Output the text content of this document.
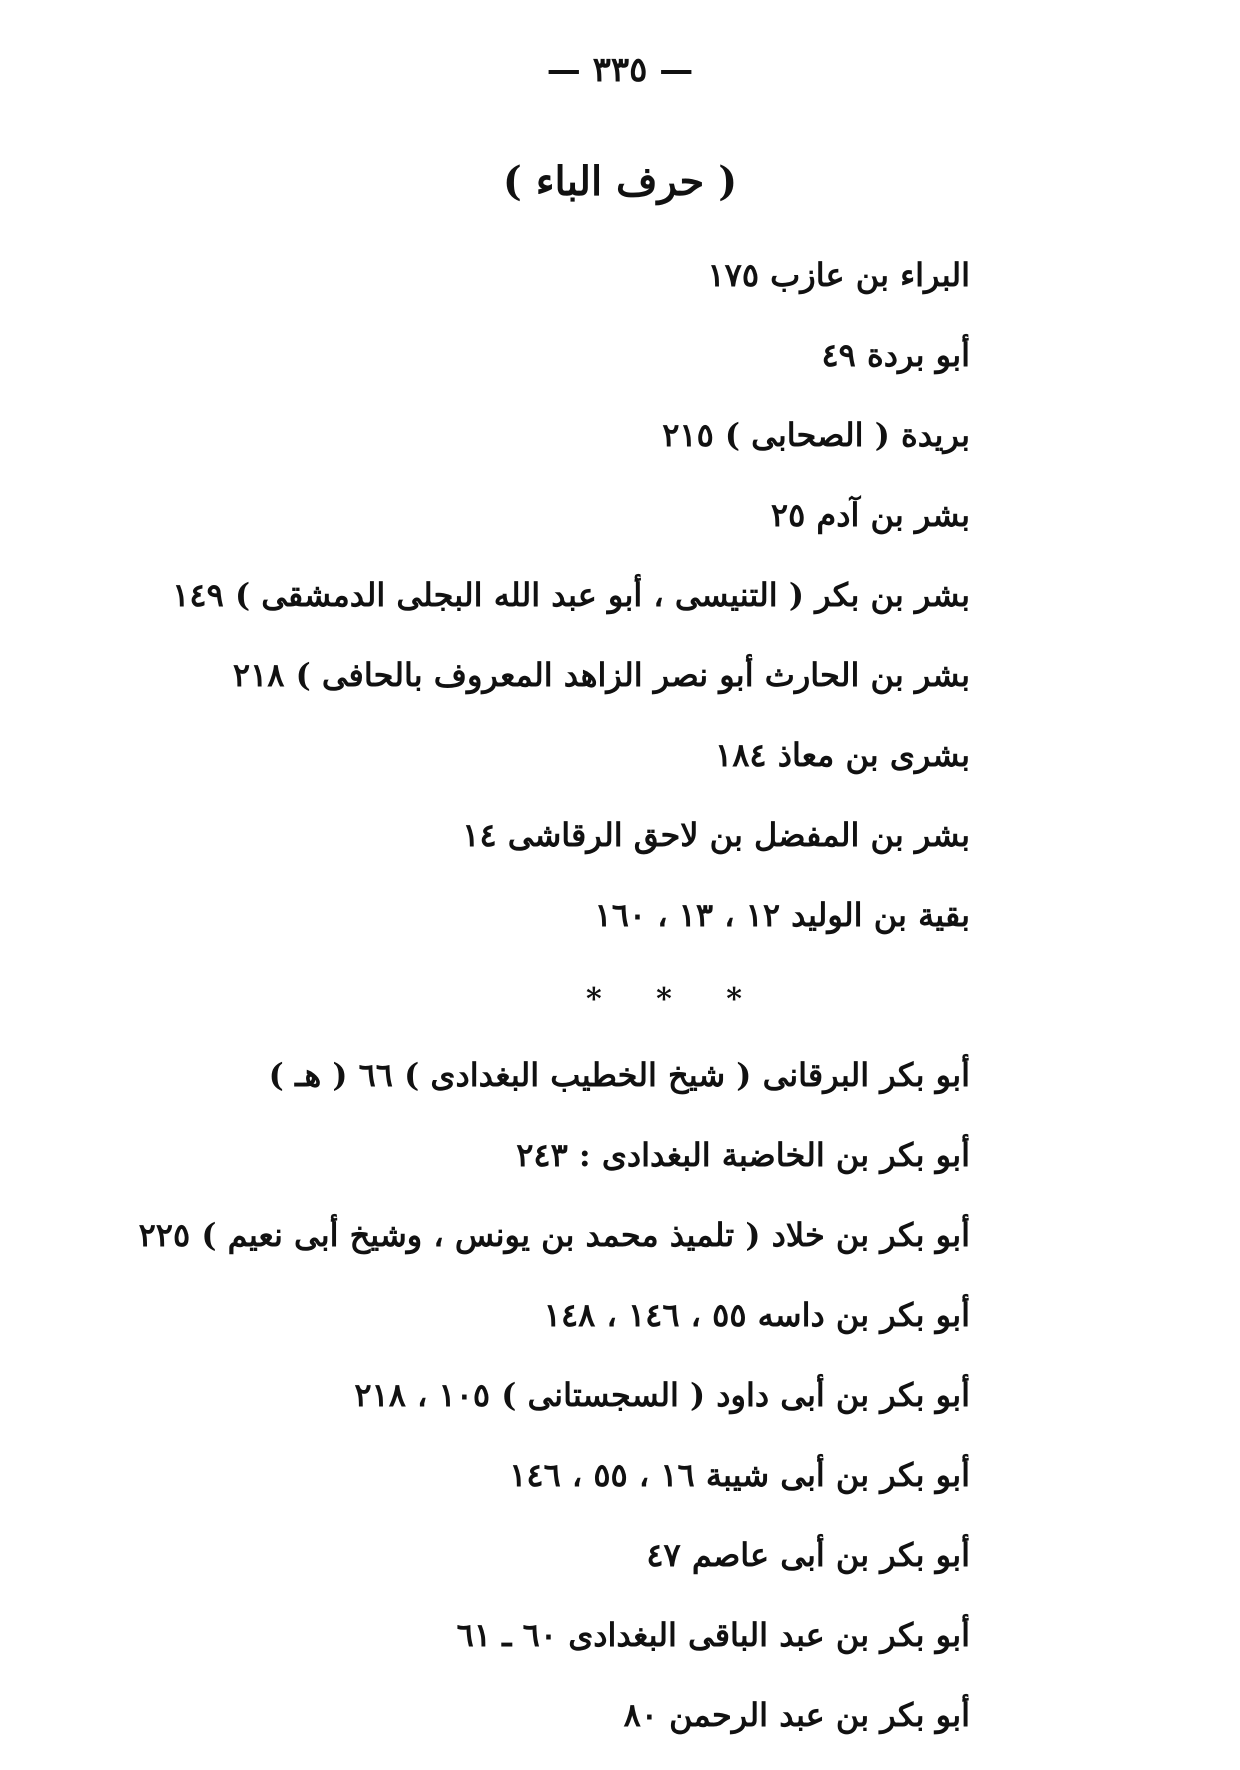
— ٣٣٥ —
( حرف الباء )
البراء بن عازب ١٧٥
أبو بردة ٤٩
بريدة ( الصحابى ) ٢١٥
بشر بن آدم ٢٥
بشر بن بكر ( التنيسى ، أبو عبد الله البجلى الدمشقى ) ١٤٩
بشر بن الحارث أبو نصر الزاهد المعروف بالحافى ) ٢١٨
بشرى بن معاذ ١٨٤
بشر بن المفضل بن لاحق الرقاشى ١٤
بقية بن الوليد ١٢ ، ١٣ ، ١٦٠
* * *
أبو بكر البرقانى ( شيخ الخطيب البغدادى ) ٦٦ ( هـ )
أبو بكر بن الخاضبة البغدادى : ٢٤٣
أبو بكر بن خلاد ( تلميذ محمد بن يونس ، وشيخ أبى نعيم ) ٢٢٥
أبو بكر بن داسه ٥٥ ، ١٤٦ ، ١٤٨
أبو بكر بن أبى داود ( السجستانى ) ١٠٥ ، ٢١٨
أبو بكر بن أبى شيبة ١٦ ، ٥٥ ، ١٤٦
أبو بكر بن أبى عاصم ٤٧
أبو بكر بن عبد الباقى البغدادى ٦٠ ـ ٦١
أبو بكر بن عبد الرحمن ٨٠
